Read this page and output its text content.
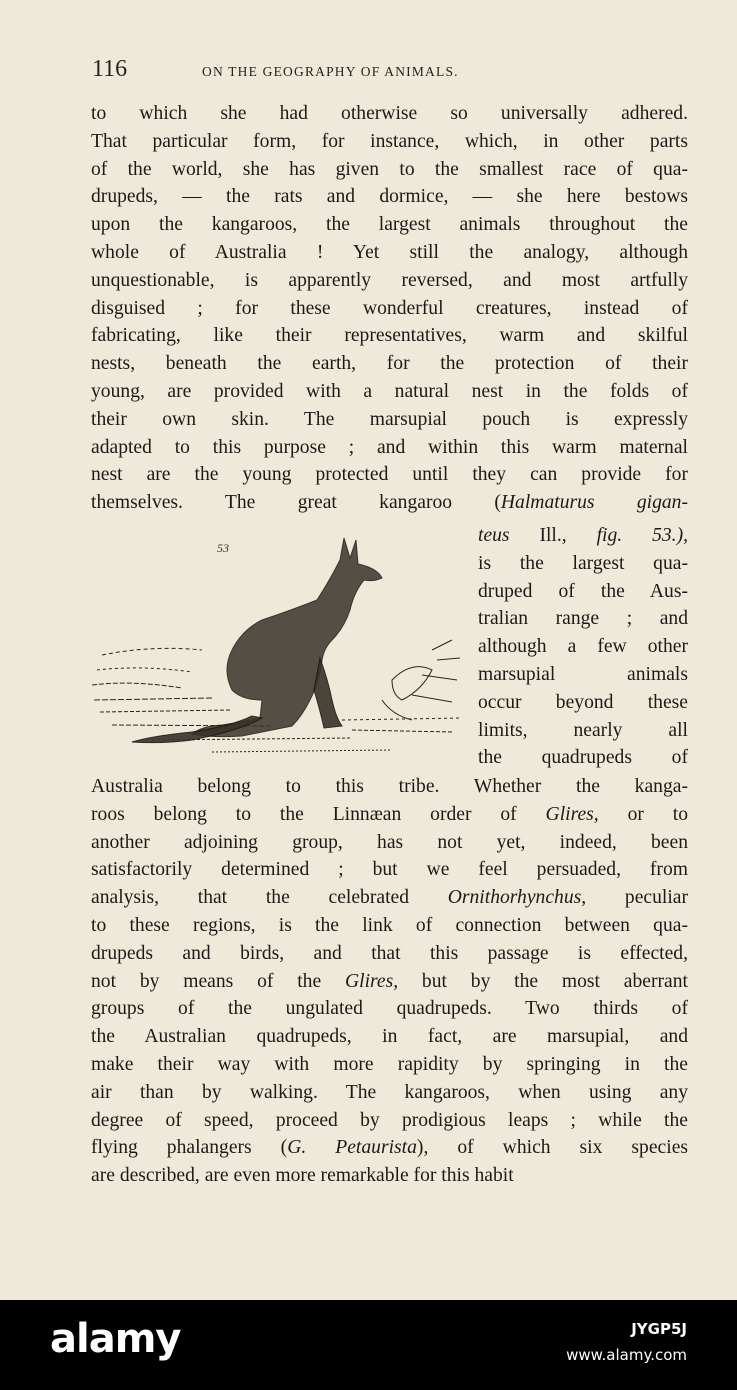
116	ON THE GEOGRAPHY OF ANIMALS.
to which she had otherwise so universally adhered.
That particular form, for instance, which, in other parts
of the world, she has given to the smallest race of qua-
drupeds, — the rats and dormice, — she here bestows
upon the kangaroos, the largest animals throughout the
whole of Australia ! Yet still the analogy, although
unquestionable, is apparently reversed, and most artfully
disguised ; for these wonderful creatures, instead of
fabricating, like their representatives, warm and skilful
nests, beneath the earth, for the protection of their
young, are provided with a natural nest in the folds of
their own skin. The marsupial pouch is expressly
adapted to this purpose ; and within this warm maternal
nest are the young protected until they can provide for
themselves. The great kangaroo (Halmaturus gigan-
teus Ill., fig. 53.),
is the largest qua-
druped of the Aus-
tralian range ; and
although a few other
marsupial animals
occur beyond these
limits, nearly all
the quadrupeds of
Australia belong to this tribe. Whether the kanga-
roos belong to the Linnæan order of Glires, or to
another adjoining group, has not yet, indeed, been
satisfactorily determined ; but we feel persuaded, from
analysis, that the celebrated Ornithorhynchus, peculiar
to these regions, is the link of connection between qua-
drupeds and birds, and that this passage is effected,
not by means of the Glires, but by the most aberrant
groups of the ungulated quadrupeds. Two thirds of
the Australian quadrupeds, in fact, are marsupial, and
make their way with more rapidity by springing in the
air than by walking. The kangaroos, when using any
degree of speed, proceed by prodigious leaps ; while the
flying phalangers (G. Petaurista), of which six species
are described, are even more remarkable for this habit
53
alamy	JYGP5J
www.alamy.com
